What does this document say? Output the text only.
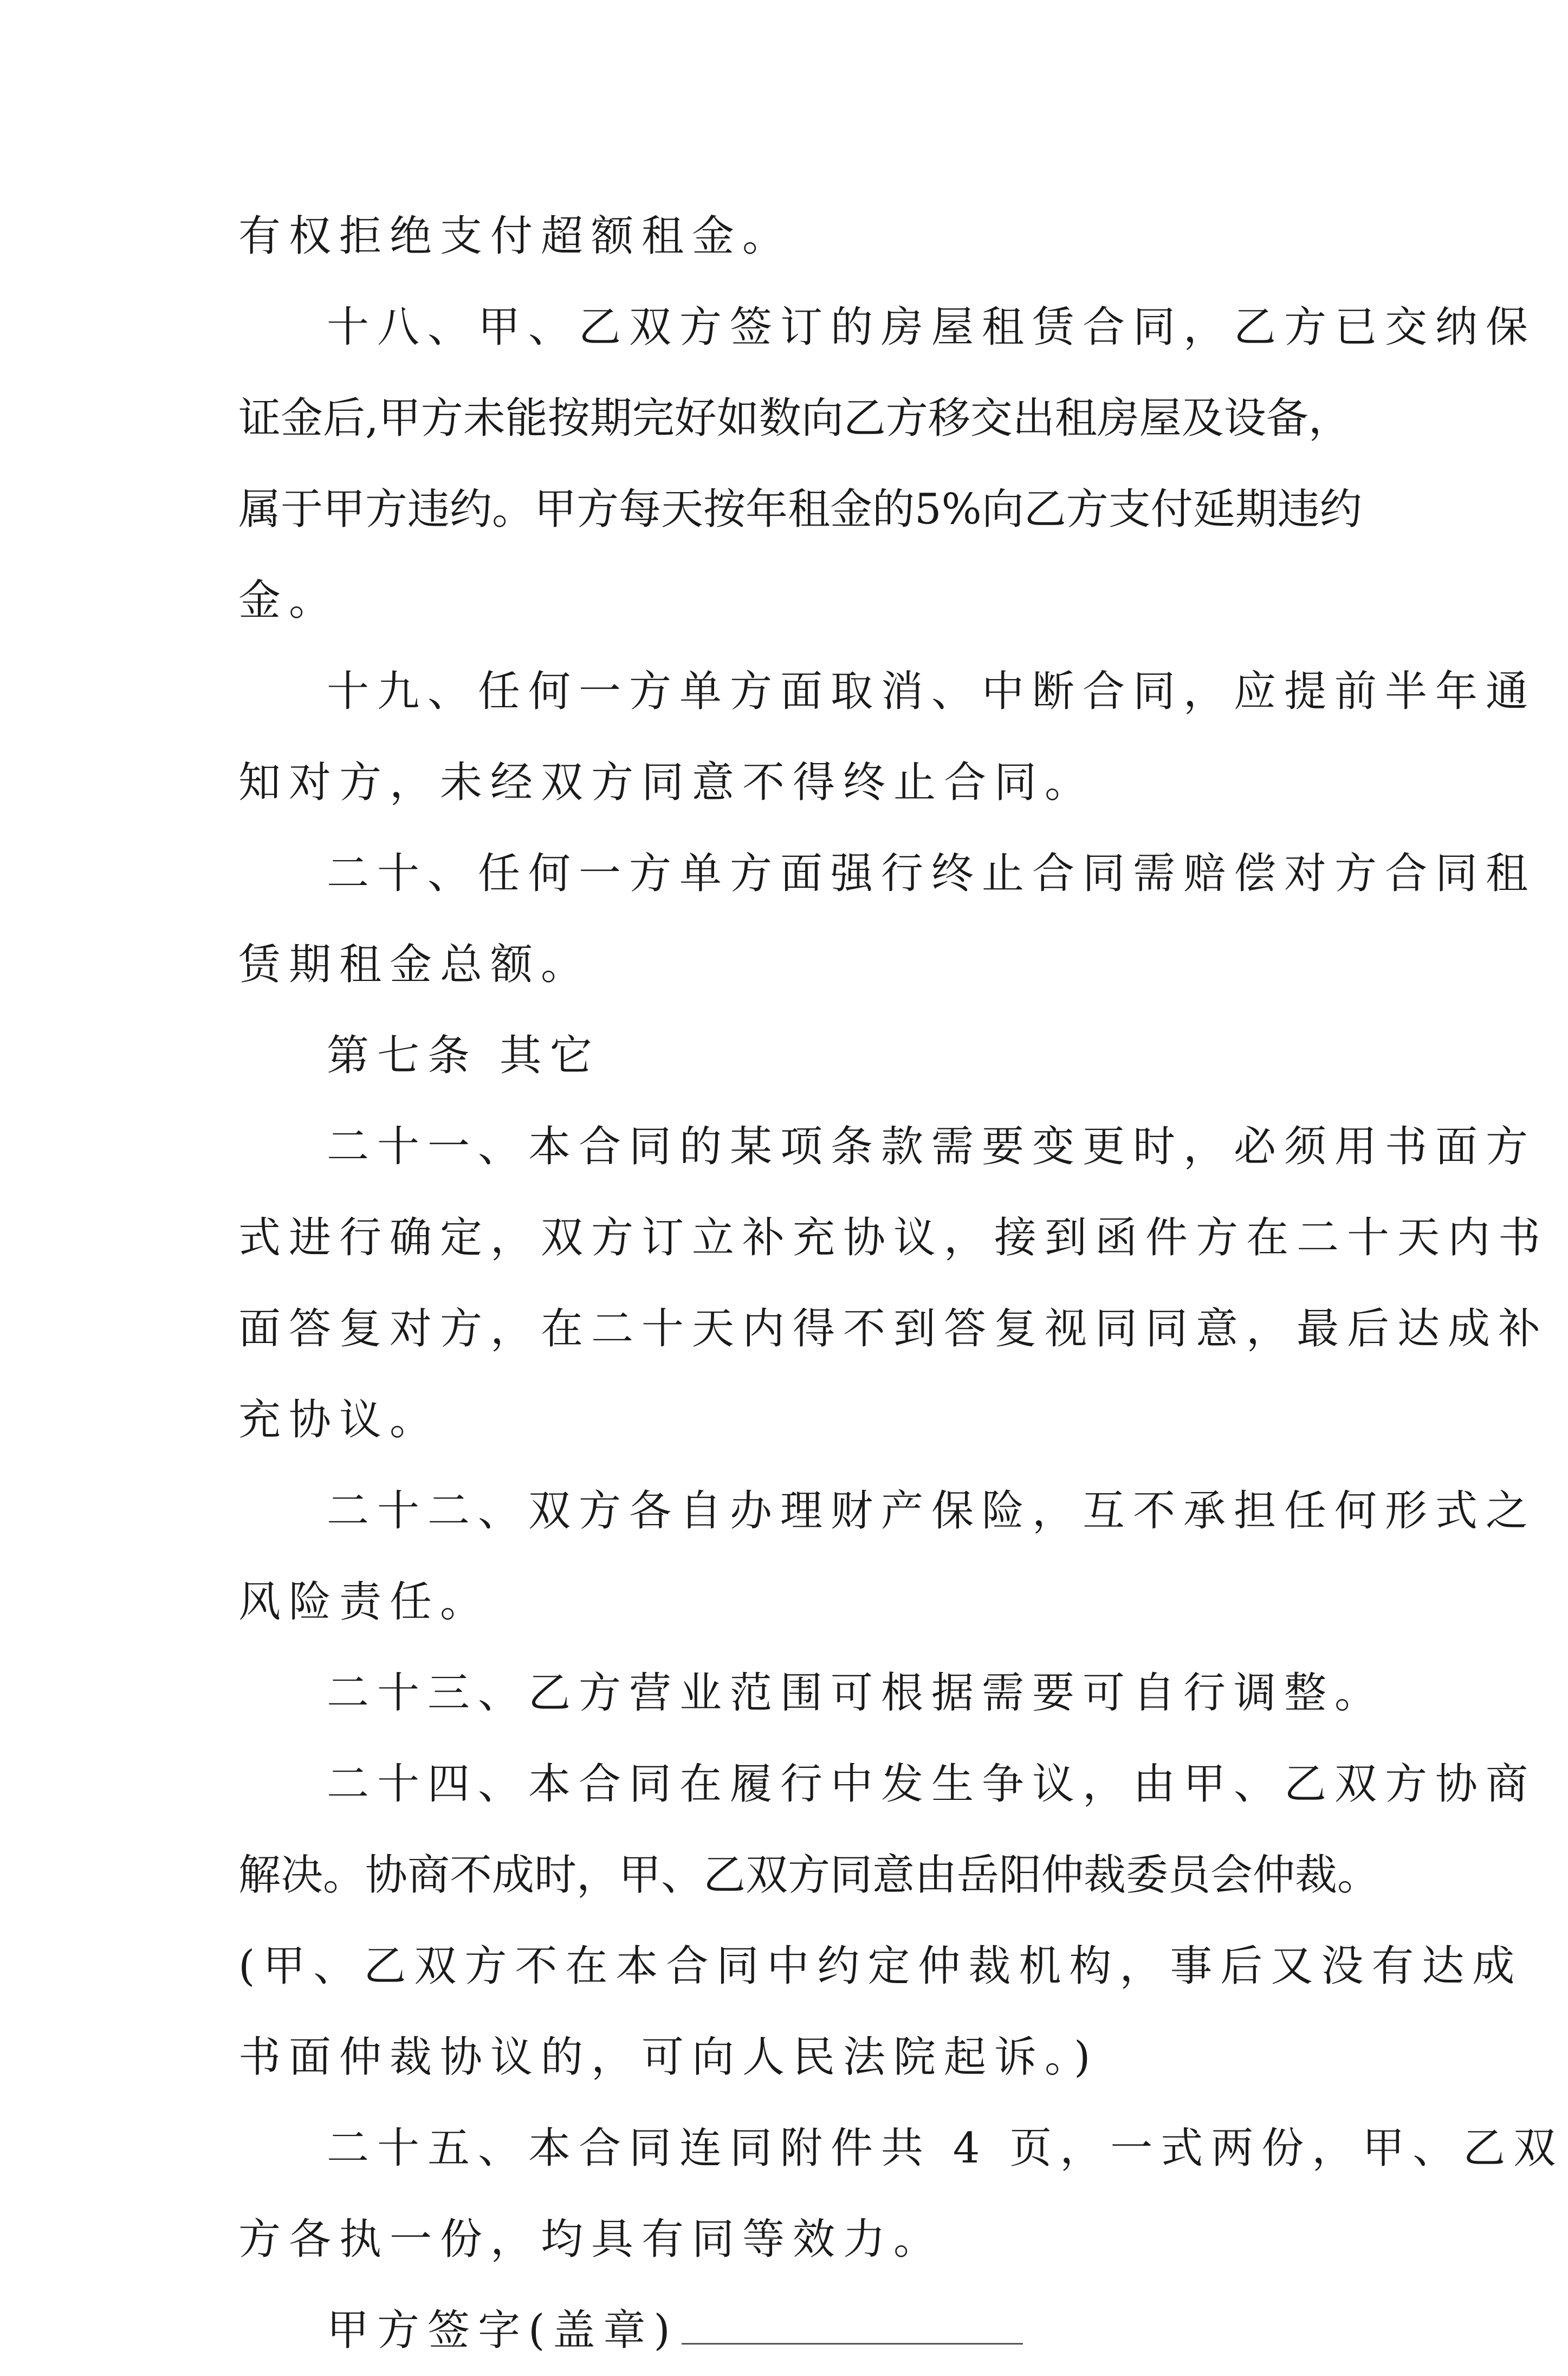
有权拒绝支付超额租金。
十八、甲、乙双方签订的房屋租赁合同，乙方已交纳保
证金后,甲方未能按期完好如数向乙方移交出租房屋及设备，
属于甲方违约。甲方每天按年租金的5%向乙方支付延期违约
金。
十九、任何一方单方面取消、中断合同，应提前半年通
知对方，未经双方同意不得终止合同。
二十、任何一方单方面强行终止合同需赔偿对方合同租
赁期租金总额。
第七条 其它
二十一、本合同的某项条款需要变更时，必须用书面方
式进行确定，双方订立补充协议，接到函件方在二十天内书
面答复对方，在二十天内得不到答复视同同意，最后达成补
充协议。
二十二、双方各自办理财产保险，互不承担任何形式之
风险责任。
二十三、乙方营业范围可根据需要可自行调整。
二十四、本合同在履行中发生争议，由甲、乙双方协商
解决。协商不成时，甲、乙双方同意由岳阳仲裁委员会仲裁。
(甲、乙双方不在本合同中约定仲裁机构，事后又没有达成
书面仲裁协议的，可向人民法院起诉。)
二十五、本合同连同附件共 4 页，一式两份，甲、乙双
方各执一份，均具有同等效力。
甲方签字(盖章)
